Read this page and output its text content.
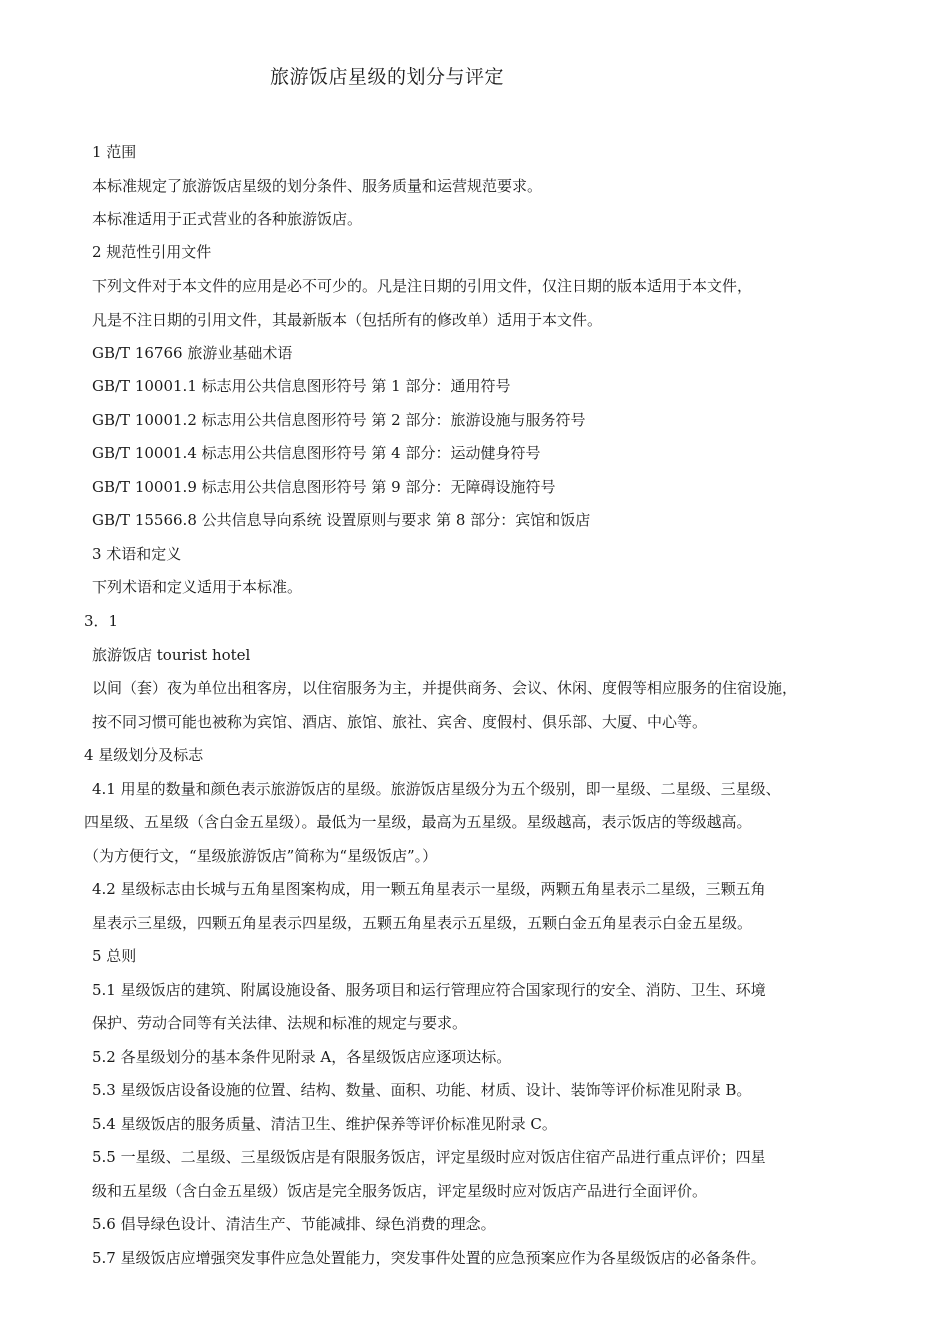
旅游饭店星级的划分与评定
1 范围
本标准规定了旅游饭店星级的划分条件、服务质量和运营规范要求。
本标准适用于正式营业的各种旅游饭店。
2 规范性引用文件
下列文件对于本文件的应用是必不可少的。凡是注日期的引用文件，仅注日期的版本适用于本文件，
凡是不注日期的引用文件，其最新版本（包括所有的修改单）适用于本文件。
GB/T 16766 旅游业基础术语
GB/T 10001.1 标志用公共信息图形符号 第 1 部分：通用符号
GB/T 10001.2 标志用公共信息图形符号 第 2 部分：旅游设施与服务符号
GB/T 10001.4 标志用公共信息图形符号 第 4 部分：运动健身符号
GB/T 10001.9 标志用公共信息图形符号 第 9 部分：无障碍设施符号
GB/T 15566.8 公共信息导向系统 设置原则与要求 第 8 部分：宾馆和饭店
3 术语和定义
下列术语和定义适用于本标准。
3．1
旅游饭店 tourist hotel
以间（套）夜为单位出租客房，以住宿服务为主，并提供商务、会议、休闲、度假等相应服务的住宿设施，
按不同习惯可能也被称为宾馆、酒店、旅馆、旅社、宾舍、度假村、俱乐部、大厦、中心等。
4 星级划分及标志
4.1 用星的数量和颜色表示旅游饭店的星级。旅游饭店星级分为五个级别，即一星级、二星级、三星级、
四星级、五星级（含白金五星级）。最低为一星级，最高为五星级。星级越高，表示饭店的等级越高。
（为方便行文，“星级旅游饭店”简称为“星级饭店”。）
4.2 星级标志由长城与五角星图案构成，用一颗五角星表示一星级，两颗五角星表示二星级，三颗五角
星表示三星级，四颗五角星表示四星级，五颗五角星表示五星级，五颗白金五角星表示白金五星级。
5 总则
5.1 星级饭店的建筑、附属设施设备、服务项目和运行管理应符合国家现行的安全、消防、卫生、环境
保护、劳动合同等有关法律、法规和标准的规定与要求。
5.2 各星级划分的基本条件见附录 A，各星级饭店应逐项达标。
5.3 星级饭店设备设施的位置、结构、数量、面积、功能、材质、设计、装饰等评价标准见附录 B。
5.4 星级饭店的服务质量、清洁卫生、维护保养等评价标准见附录 C。
5.5 一星级、二星级、三星级饭店是有限服务饭店，评定星级时应对饭店住宿产品进行重点评价；四星
级和五星级（含白金五星级）饭店是完全服务饭店，评定星级时应对饭店产品进行全面评价。
5.6 倡导绿色设计、清洁生产、节能减排、绿色消费的理念。
5.7 星级饭店应增强突发事件应急处置能力，突发事件处置的应急预案应作为各星级饭店的必备条件。
